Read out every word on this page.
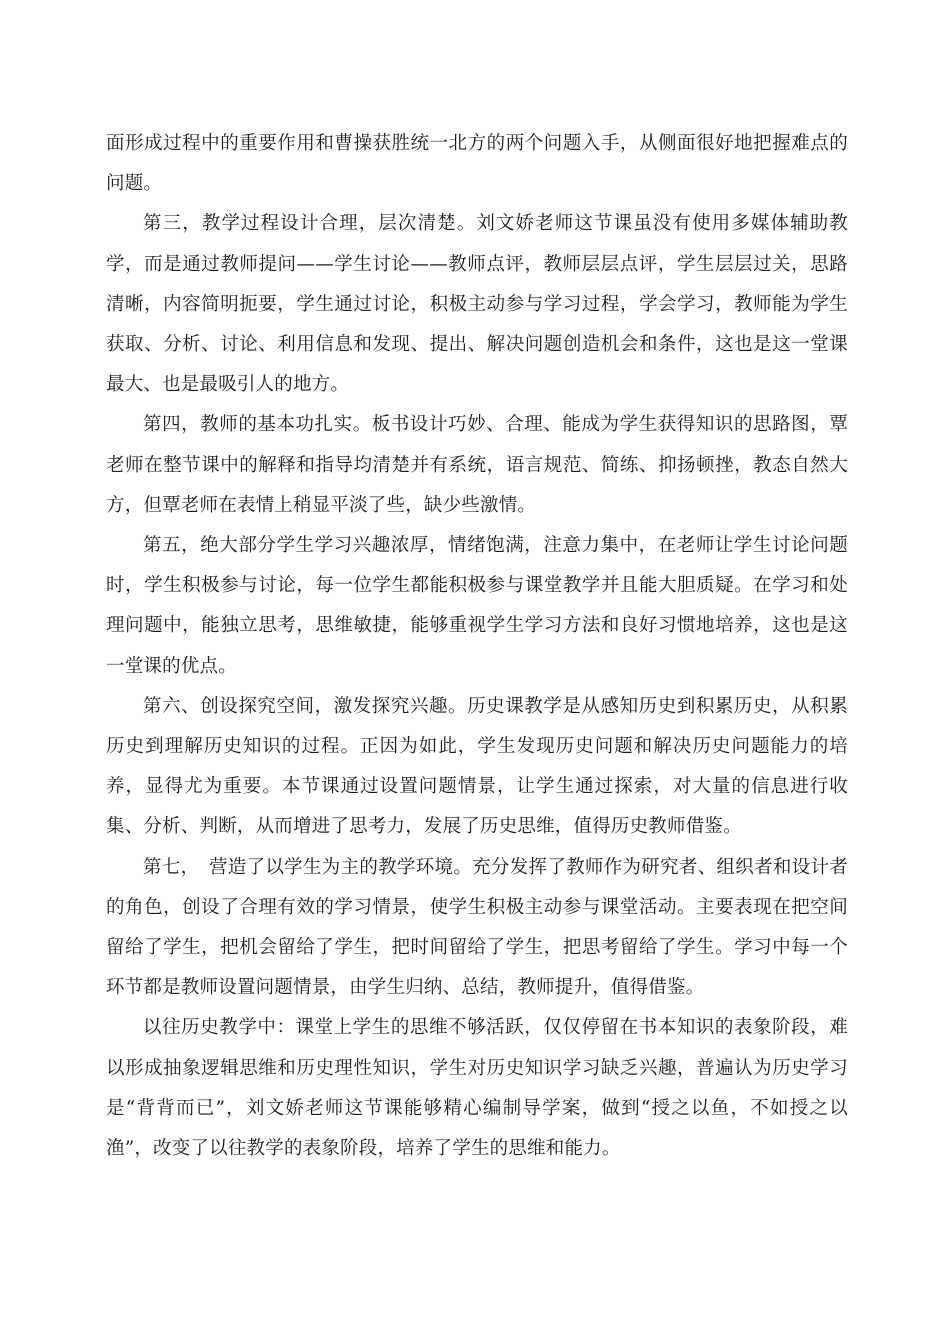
面形成过程中的重要作用和曹操获胜统一北方的两个问题入手，从侧面很好地把握难点的问题。

第三，教学过程设计合理，层次清楚。刘文娇老师这节课虽没有使用多媒体辅助教学，而是通过教师提问——学生讨论——教师点评，教师层层点评，学生层层过关，思路清晰，内容简明扼要，学生通过讨论，积极主动参与学习过程，学会学习，教师能为学生获取、分析、讨论、利用信息和发现、提出、解决问题创造机会和条件，这也是这一堂课最大、也是最吸引人的地方。

第四，教师的基本功扎实。板书设计巧妙、合理、能成为学生获得知识的思路图，覃老师在整节课中的解释和指导均清楚并有系统，语言规范、简练、抑扬顿挫，教态自然大方，但覃老师在表情上稍显平淡了些，缺少些激情。

第五，绝大部分学生学习兴趣浓厚，情绪饱满，注意力集中，在老师让学生讨论问题时，学生积极参与讨论，每一位学生都能积极参与课堂教学并且能大胆质疑。在学习和处理问题中，能独立思考，思维敏捷，能够重视学生学习方法和良好习惯地培养，这也是这一堂课的优点。

第六、创设探究空间，激发探究兴趣。历史课教学是从感知历史到积累历史，从积累历史到理解历史知识的过程。正因为如此，学生发现历史问题和解决历史问题能力的培养，显得尤为重要。本节课通过设置问题情景，让学生通过探索，对大量的信息进行收集、分析、判断，从而增进了思考力，发展了历史思维，值得历史教师借鉴。

第七，　营造了以学生为主的教学环境。充分发挥了教师作为研究者、组织者和设计者的角色，创设了合理有效的学习情景，使学生积极主动参与课堂活动。主要表现在把空间留给了学生，把机会留给了学生，把时间留给了学生，把思考留给了学生。学习中每一个环节都是教师设置问题情景，由学生归纳、总结，教师提升，值得借鉴。

以往历史教学中：课堂上学生的思维不够活跃，仅仅停留在书本知识的表象阶段，难以形成抽象逻辑思维和历史理性知识，学生对历史知识学习缺乏兴趣，普遍认为历史学习是“背背而已”，刘文娇老师这节课能够精心编制导学案，做到“授之以鱼，不如授之以渔”，改变了以往教学的表象阶段，培养了学生的思维和能力。
